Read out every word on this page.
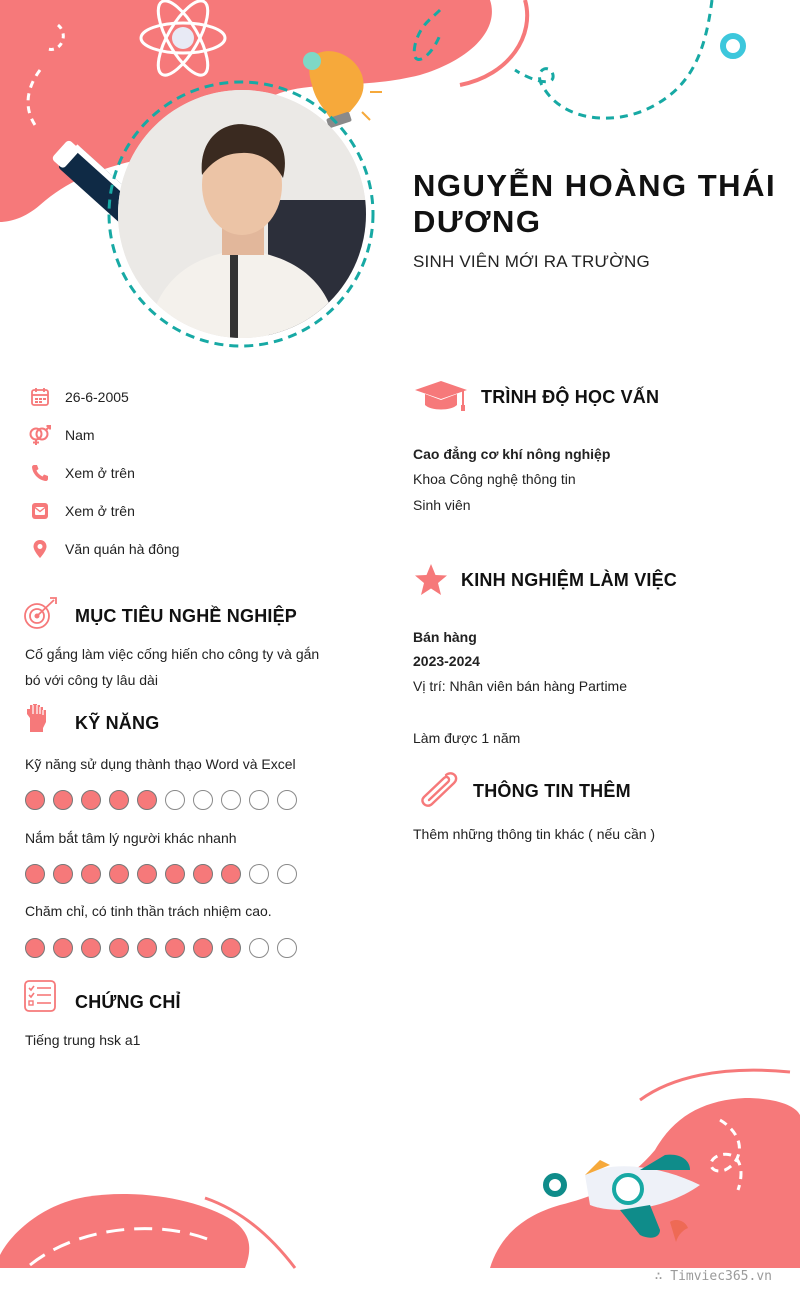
NGUYỄN HOÀNG THÁI DƯƠNG
SINH VIÊN MỚI RA TRƯỜNG
26-6-2005
Nam
Xem ở trên
Xem ở trên
Văn quán hà đông
MỤC TIÊU NGHỀ NGHIỆP
Cố gắng làm việc cống hiến cho công ty và gắn
bó với công ty lâu dài
KỸ NĂNG
Kỹ năng sử dụng thành thạo Word và Excel
Nắm bắt tâm lý người khác nhanh
Chăm chỉ, có tinh thần trách nhiệm cao.
CHỨNG CHỈ
Tiếng trung hsk a1
TRÌNH ĐỘ HỌC VẤN
Cao đẳng cơ khí nông nghiệp
Khoa Công nghệ thông tin
Sinh viên
KINH NGHIỆM LÀM VIỆC
Bán hàng
2023-2024
Vị trí: Nhân viên bán hàng Partime
Làm được 1 năm
THÔNG TIN THÊM
Thêm những thông tin khác ( nếu cần )
∴ Timviec365.vn
